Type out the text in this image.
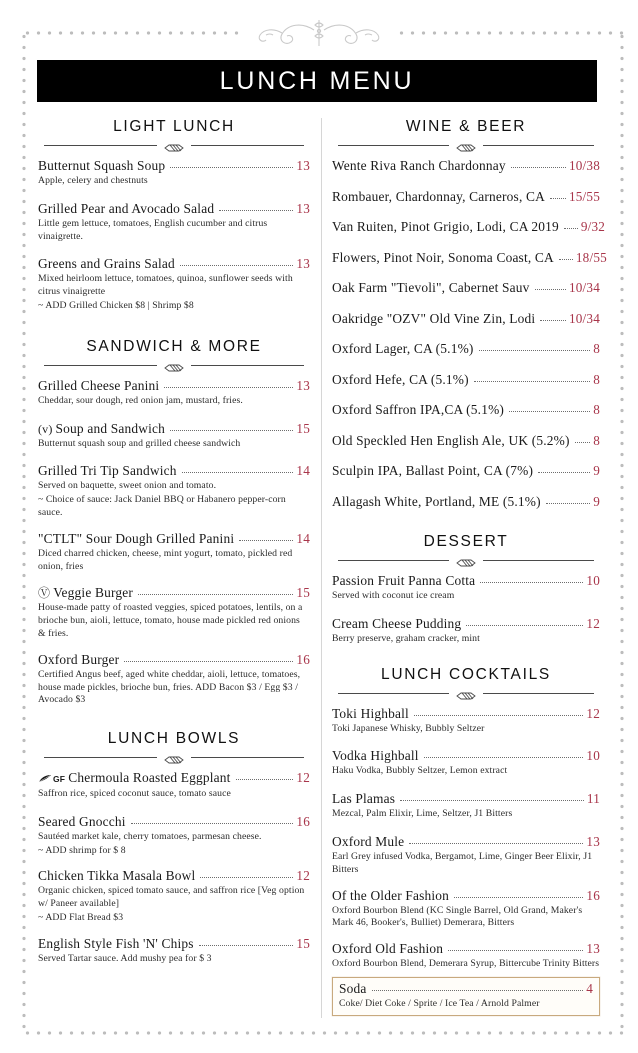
LUNCH MENU
LIGHT LUNCH
Butternut Squash Soup	13
Apple, celery and chestnuts
Grilled Pear and Avocado Salad	13
Little gem lettuce, tomatoes, English cucumber and citrus vinaigrette.
Greens and Grains Salad	13
Mixed heirloom lettuce, tomatoes, quinoa, sunflower seeds with citrus vinaigrette
~ ADD Grilled Chicken $8 | Shrimp $8
SANDWICH & MORE
Grilled Cheese Panini	13
Cheddar, sour dough, red onion jam, mustard, fries.
(v) Soup and Sandwich	15
Butternut squash soup and grilled cheese sandwich
Grilled Tri Tip Sandwich	14
Served on baquette, sweet onion and tomato.
~ Choice of sauce: Jack Daniel BBQ or Habanero pepper-corn sauce.
"CTLT" Sour Dough Grilled Panini	14
Diced charred chicken, cheese, mint yogurt, tomato, pickled red onion, fries
Ⓥ Veggie Burger	15
House-made patty of roasted veggies, spiced potatoes, lentils, on a brioche bun, aioli, lettuce, tomato, house made pickled red onions & fries.
Oxford Burger	16
Certified Angus beef, aged white cheddar, aioli, lettuce, tomatoes, house made pickles, brioche bun, fries. ADD Bacon $3 / Egg $3 / Avocado $3
LUNCH BOWLS
GF Chermoula Roasted Eggplant	12
Saffron rice, spiced coconut sauce, tomato sauce
Seared Gnocchi	16
Sautéed market kale, cherry tomatoes, parmesan cheese.
~ ADD shrimp for $ 8
Chicken Tikka Masala Bowl	12
Organic chicken, spiced tomato sauce, and saffron rice [Veg option w/ Paneer available]
~ ADD Flat Bread $3
English Style Fish 'N' Chips	15
Served Tartar sauce. Add mushy pea for $ 3
WINE & BEER
Wente Riva Ranch Chardonnay	10/38
Rombauer, Chardonnay, Carneros, CA 15/55
Van Ruiten, Pinot Grigio, Lodi, CA 2019 9/32
Flowers, Pinot Noir, Sonoma Coast, CA 18/55
Oak Farm "Tievoli", Cabernet Sauv	10/34
Oakridge "OZV" Old Vine Zin, Lodi	10/34
Oxford Lager, CA (5.1%)	8
Oxford Hefe, CA (5.1%)	8
Oxford Saffron IPA,CA (5.1%)	8
Old Speckled Hen English Ale, UK (5.2%) 8
Sculpin IPA, Ballast Point, CA (7%)	9
Allagash White, Portland, ME (5.1%)	9
DESSERT
Passion Fruit Panna Cotta	10
Served with coconut ice cream
Cream Cheese Pudding	12
Berry preserve, graham cracker, mint
LUNCH COCKTAILS
Toki Highball	12
Toki Japanese Whisky, Bubbly Seltzer
Vodka Highball	10
Haku Vodka, Bubbly Seltzer, Lemon extract
Las Plamas	11
Mezcal, Palm Elixir, Lime, Seltzer, J1 Bitters
Oxford Mule	13
Earl Grey infused Vodka, Bergamot, Lime, Ginger Beer Elixir, J1 Bitters
Of the Older Fashion	16
Oxford Bourbon Blend (KC Single Barrel, Old Grand, Maker's Mark 46, Booker's, Bulliet) Demerara, Bitters
Oxford Old Fashion	13
Oxford Bourbon Blend, Demerara Syrup, Bittercube Trinity Bitters
Soda	4
Coke/ Diet Coke / Sprite / Ice Tea / Arnold Palmer
